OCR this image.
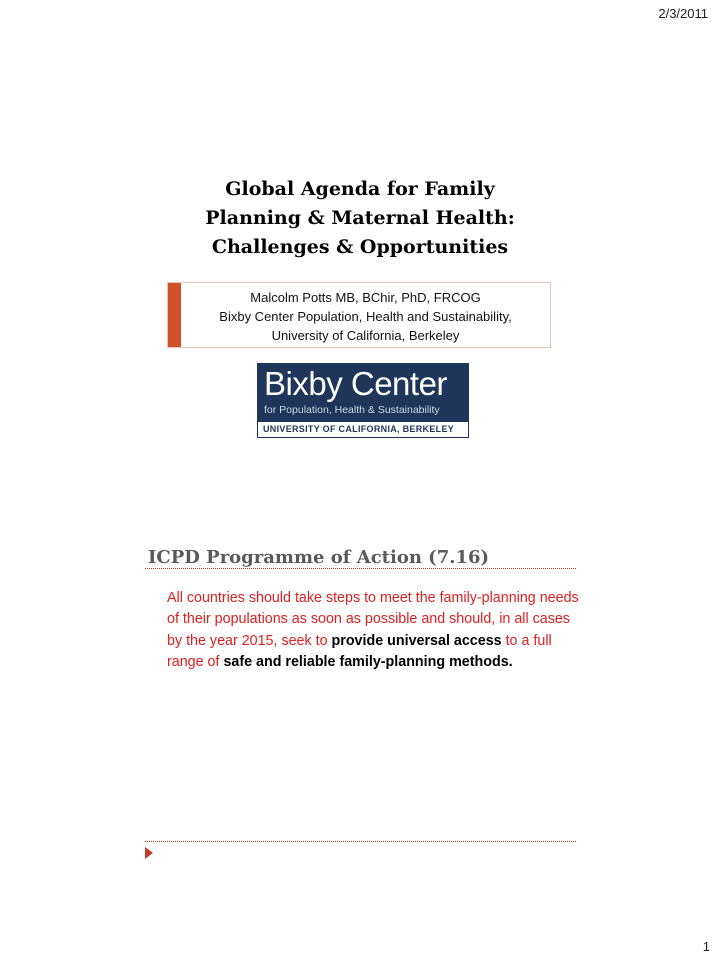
2/3/2011
Global Agenda for Family
Planning & Maternal Health:
Challenges & Opportunities
Malcolm Potts MB, BChir, PhD, FRCOG
Bixby Center Population, Health and Sustainability,
University of California, Berkeley
Bixby Center
for Population, Health & Sustainability
UNIVERSITY OF CALIFORNIA, BERKELEY
ICPD Programme of Action (7.16)
All countries should take steps to meet the family-planning needs of their populations as soon as possible and should, in all cases by the year 2015, seek to provide universal access to a full range of safe and reliable family-planning methods.
1
